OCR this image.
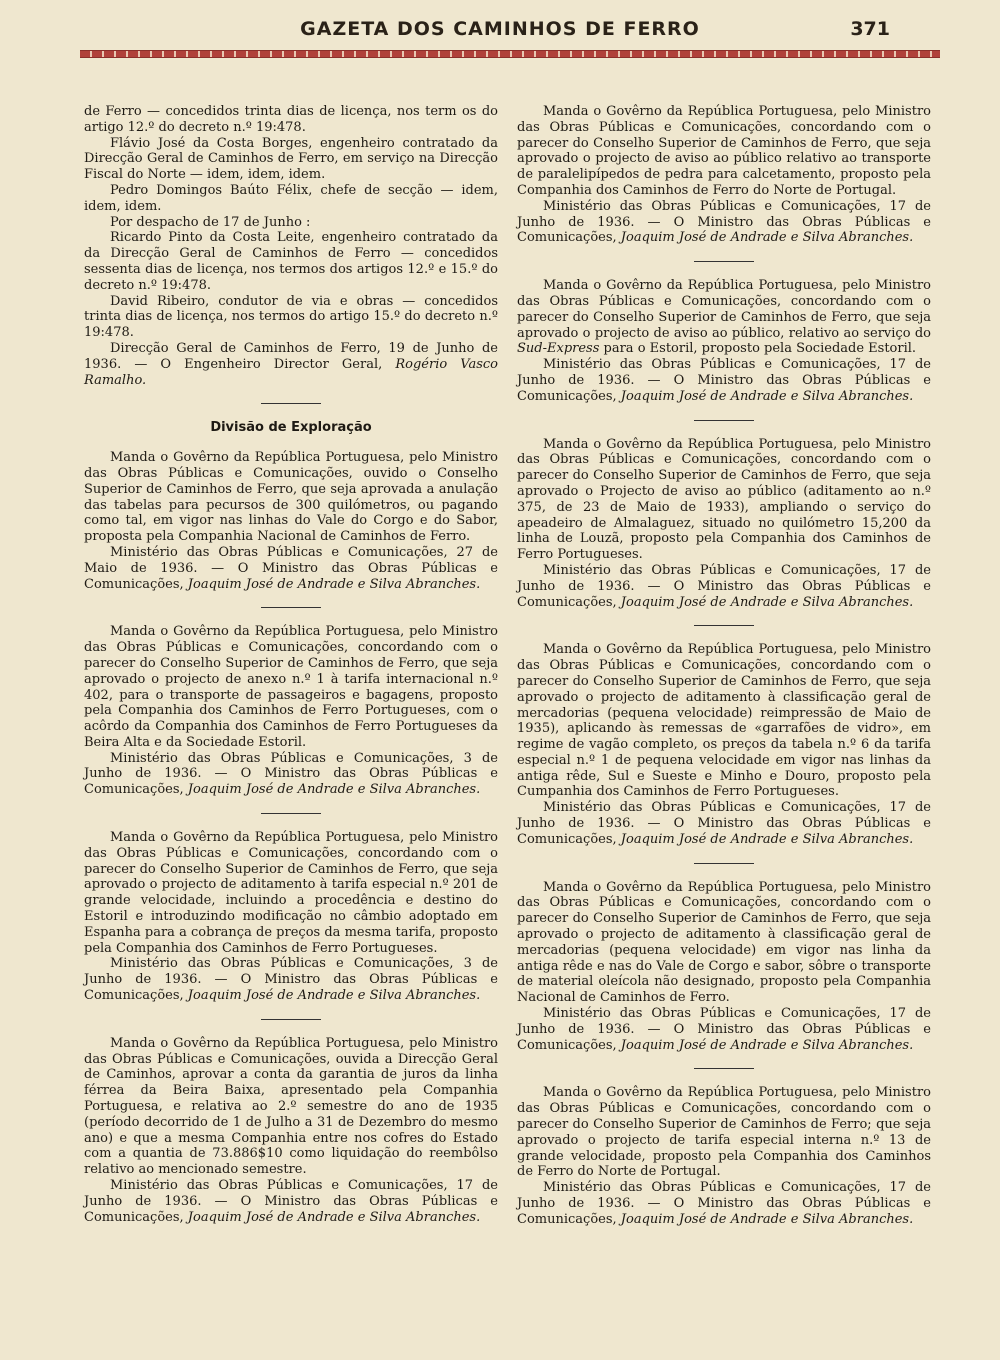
GAZETA DOS CAMINHOS DE FERRO	371

de Ferro — concedidos trinta dias de licença, nos term os do artigo 12.º do decreto n.º 19:478.

Flávio José da Costa Borges, engenheiro contratado da Direcção Geral de Caminhos de Ferro, em serviço na Direcção Fiscal do Norte — idem, idem, idem.

Pedro Domingos Baúto Félix, chefe de secção — idem, idem, idem.

Por despacho de 17 de Junho :

Ricardo Pinto da Costa Leite, engenheiro contratado da da Direcção Geral de Caminhos de Ferro — concedidos sessenta dias de licença, nos termos dos artigos 12.º e 15.º do decreto n.º 19:478.

David Ribeiro, condutor de via e obras — concedidos trinta dias de licença, nos termos do artigo 15.º do decreto n.º 19:478.

Direcção Geral de Caminhos de Ferro, 19 de Junho de 1936. — O Engenheiro Director Geral, Rogério Vasco Ramalho.

Divisão de Exploração

Manda o Govêrno da República Portuguesa, pelo Ministro das Obras Públicas e Comunicações, ouvido o Conselho Superior de Caminhos de Ferro, que seja aprovada a anulação das tabelas para pecursos de 300 quilómetros, ou pagando como tal, em vigor nas linhas do Vale do Corgo e do Sabor, proposta pela Companhia Nacional de Caminhos de Ferro.

Ministério das Obras Públicas e Comunicações, 27 de Maio de 1936. — O Ministro das Obras Públicas e Comunicações, Joaquim José de Andrade e Silva Abranches.

Manda o Govêrno da República Portuguesa, pelo Ministro das Obras Públicas e Comunicações, concordando com o parecer do Conselho Superior de Caminhos de Ferro, que seja aprovado o projecto de anexo n.º 1 à tarifa internacional n.º 402, para o transporte de passageiros e bagagens, proposto pela Companhia dos Caminhos de Ferro Portugueses, com o acôrdo da Companhia dos Caminhos de Ferro Portugueses da Beira Alta e da Sociedade Estoril.

Ministério das Obras Públicas e Comunicações, 3 de Junho de 1936. — O Ministro das Obras Públicas e Comunicações, Joaquim José de Andrade e Silva Abranches.

Manda o Govêrno da República Portuguesa, pelo Ministro das Obras Públicas e Comunicações, concordando com o parecer do Conselho Superior de Caminhos de Ferro, que seja aprovado o projecto de aditamento à tarifa especial n.º 201 de grande velocidade, incluindo a procedência e destino do Estoril e introduzindo modificação no câmbio adoptado em Espanha para a cobrança de preços da mesma tarifa, proposto pela Companhia dos Caminhos de Ferro Portugueses.

Ministério das Obras Públicas e Comunicações, 3 de Junho de 1936. — O Ministro das Obras Públicas e Comunicações, Joaquim José de Andrade e Silva Abranches.

Manda o Govêrno da República Portuguesa, pelo Ministro das Obras Públicas e Comunicações, ouvida a Direcção Geral de Caminhos, aprovar a conta da garantia de juros da linha férrea da Beira Baixa, apresentado pela Companhia Portuguesa, e relativa ao 2.º semestre do ano de 1935 (período decorrido de 1 de Julho a 31 de Dezembro do mesmo ano) e que a mesma Companhia entre nos cofres do Estado com a quantia de 73.886$10 como liquidação do reembôlso relativo ao mencionado semestre.

Ministério das Obras Públicas e Comunicações, 17 de Junho de 1936. — O Ministro das Obras Públicas e Comunicações, Joaquim José de Andrade e Silva Abranches.

Manda o Govêrno da República Portuguesa, pelo Ministro das Obras Públicas e Comunicações, concordando com o parecer do Conselho Superior de Caminhos de Ferro, que seja aprovado o projecto de aviso ao público relativo ao transporte de paralelipípedos de pedra para calcetamento, proposto pela Companhia dos Caminhos de Ferro do Norte de Portugal.

Ministério das Obras Públicas e Comunicações, 17 de Junho de 1936. — O Ministro das Obras Públicas e Comunicações, Joaquim José de Andrade e Silva Abranches.

Manda o Govêrno da República Portuguesa, pelo Ministro das Obras Públicas e Comunicações, concordando com o parecer do Conselho Superior de Caminhos de Ferro, que seja aprovado o projecto de aviso ao público, relativo ao serviço do Sud-Express para o Estoril, proposto pela Sociedade Estoril.

Ministério das Obras Públicas e Comunicações, 17 de Junho de 1936. — O Ministro das Obras Públicas e Comunicações, Joaquim José de Andrade e Silva Abranches.

Manda o Govêrno da República Portuguesa, pelo Ministro das Obras Públicas e Comunicações, concordando com o parecer do Conselho Superior de Caminhos de Ferro, que seja aprovado o Projecto de aviso ao público (aditamento ao n.º 375, de 23 de Maio de 1933), ampliando o serviço do apeadeiro de Almalaguez, situado no quilómetro 15,200 da linha de Louzã, proposto pela Companhia dos Caminhos de Ferro Portugueses.

Ministério das Obras Públicas e Comunicações, 17 de Junho de 1936. — O Ministro das Obras Públicas e Comunicações, Joaquim José de Andrade e Silva Abranches.

Manda o Govêrno da República Portuguesa, pelo Ministro das Obras Públicas e Comunicações, concordando com o parecer do Conselho Superior de Caminhos de Ferro, que seja aprovado o projecto de aditamento à classificação geral de mercadorias (pequena velocidade) reimpressão de Maio de 1935), aplicando às remessas de «garrafões de vidro», em regime de vagão completo, os preços da tabela n.º 6 da tarifa especial n.º 1 de pequena velocidade em vigor nas linhas da antiga rêde, Sul e Sueste e Minho e Douro, proposto pela Cumpanhia dos Caminhos de Ferro Portugueses.

Ministério das Obras Públicas e Comunicações, 17 de Junho de 1936. — O Ministro das Obras Públicas e Comunicações, Joaquim José de Andrade e Silva Abranches.

Manda o Govêrno da República Portuguesa, pelo Ministro das Obras Públicas e Comunicações, concordando com o parecer do Conselho Superior de Caminhos de Ferro, que seja aprovado o projecto de aditamento à classificação geral de mercadorias (pequena velocidade) em vigor nas linha da antiga rêde e nas do Vale de Corgo e sabor, sôbre o transporte de material oleícola não designado, proposto pela Companhia Nacional de Caminhos de Ferro.

Ministério das Obras Públicas e Comunicações, 17 de Junho de 1936. — O Ministro das Obras Públicas e Comunicações, Joaquim José de Andrade e Silva Abranches.

Manda o Govêrno da República Portuguesa, pelo Ministro das Obras Públicas e Comunicações, concordando com o parecer do Conselho Superior de Caminhos de Ferro; que seja aprovado o projecto de tarifa especial interna n.º 13 de grande velocidade, proposto pela Companhia dos Caminhos de Ferro do Norte de Portugal.

Ministério das Obras Públicas e Comunicações, 17 de Junho de 1936. — O Ministro das Obras Públicas e Comunicações, Joaquim José de Andrade e Silva Abranches.
